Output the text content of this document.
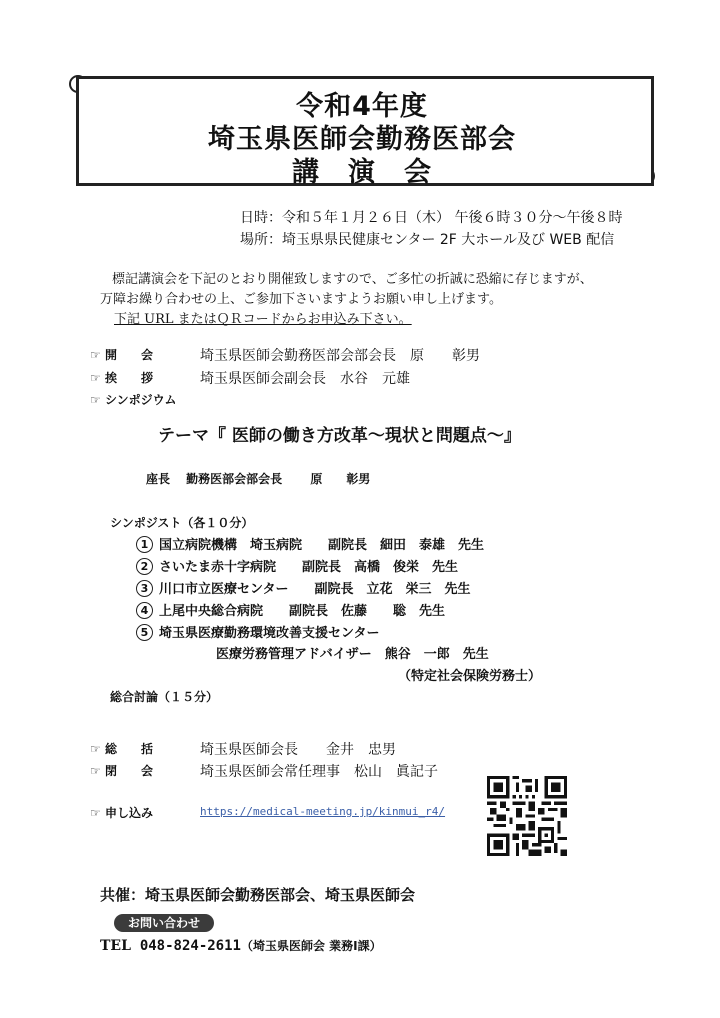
令和4年度
埼玉県医師会勤務医部会
講　演　会
日時：令和５年１月２６日（木） 午後６時３０分～午後８時
場所：埼玉県県民健康センター 2F 大ホール及び WEB 配信
標記講演会を下記のとおり開催致しますので、ご多忙の折誠に恐縮に存じますが、
万障お繰り合わせの上、ご参加下さいますようお願い申し上げます。
下記 URL またはＱＲコードからお申込み下さい。
☞ 開　　会	埼玉県医師会勤務医部会部会長　原　　彰男
☞ 挨　　拶	埼玉県医師会副会長　水谷　元雄
☞ シンポジウム
テーマ『 医師の働き方改革～現状と問題点～』
座長　 勤務医部会部会長　　 原　　彰男
シンポジスト（各１０分）
1 国立病院機構　埼玉病院　　副院長　細田　泰雄　先生
2 さいたま赤十字病院　　副院長　高橋　俊栄　先生
3 川口市立医療センター　　副院長　立花　栄三　先生
4 上尾中央総合病院　　副院長　佐藤　　聡　先生
5 埼玉県医療勤務環境改善支援センター
医療労務管理アドバイザー　熊谷　一郎　先生
（特定社会保険労務士）
総合討論（１５分）
☞ 総　　括	埼玉県医師会長　　金井　忠男
☞ 閉　　会	埼玉県医師会常任理事　松山　眞記子
☞ 申し込み	https://medical-meeting.jp/kinmui_r4/
共催：埼玉県医師会勤務医部会、埼玉県医師会
お問い合わせ
TEL 048-824-2611（埼玉県医師会 業務Ⅰ課）
